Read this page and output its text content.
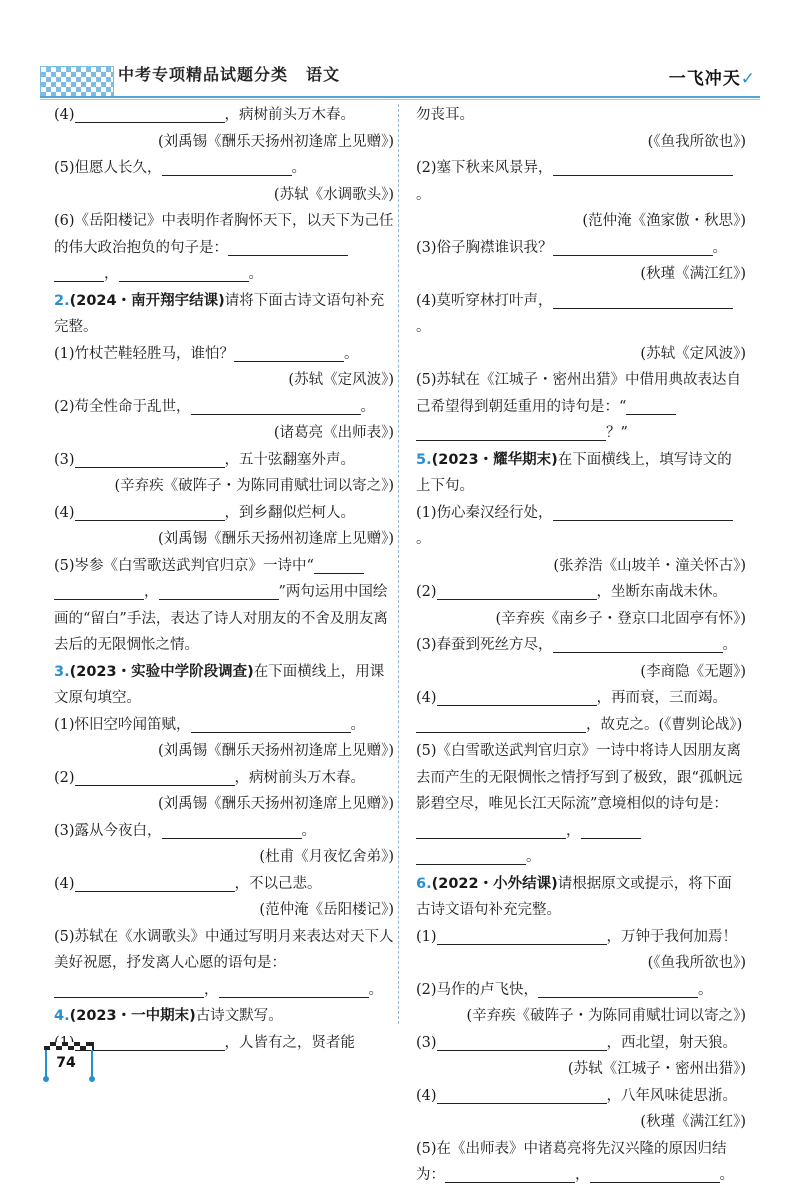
中考专项精品试题分类 语文	一飞冲天✓

(4)	，病树前头万木春。

(刘禹锡《酬乐天扬州初逢席上见赠》)

(5)但愿人长久，	。

(苏轼《水调歌头》)

(6)《岳阳楼记》中表明作者胸怀天下，以天下为己任的伟大政治抱负的句子是：

，	。

2.(2024・南开翔宇结课)请将下面古诗文语句补充完整。

(1)竹杖芒鞋轻胜马，谁怕？	。

(苏轼《定风波》)

(2)苟全性命于乱世，	。

(诸葛亮《出师表》)

(3)	，五十弦翻塞外声。

(辛弃疾《破阵子・为陈同甫赋壮词以寄之》)

(4)	，到乡翻似烂柯人。

(刘禹锡《酬乐天扬州初逢席上见赠》)

(5)岑参《白雪歌送武判官归京》一诗中“

，	”两句运用中国绘画的“留白”手法，表达了诗人对朋友的不舍及朋友离去后的无限惆怅之情。

3.(2023・实验中学阶段调查)在下面横线上，用课文原句填空。

(1)怀旧空吟闻笛赋，	。

(刘禹锡《酬乐天扬州初逢席上见赠》)

(2)	，病树前头万木春。

(刘禹锡《酬乐天扬州初逢席上见赠》)

(3)露从今夜白，	。

(杜甫《月夜忆舍弟》)

(4)	，不以己悲。

(范仲淹《岳阳楼记》)

(5)苏轼在《水调歌头》中通过写明月来表达对天下人美好祝愿，抒发离人心愿的语句是：

，	。

4.(2023・一中期末)古诗文默写。

，人皆有之，贤者能

勿丧耳。

(《鱼我所欲也》)

(2)塞下秋来风景异，。

(范仲淹《渔家傲・秋思》)

(3)俗子胸襟谁识我？	。

(秋瑾《满江红》)

(4)莫听穿林打叶声，。

(苏轼《定风波》)

(5)苏轼在《江城子・密州出猎》中借用典故表达自己希望得到朝廷重用的诗句是：“

？”

5.(2023・耀华期末)在下面横线上，填写诗文的上下句。

(1)伤心秦汉经行处，。

(张养浩《山坡羊・潼关怀古》)

(2)	，坐断东南战未休。

(辛弃疾《南乡子・登京口北固亭有怀》)

(3)春蚕到死丝方尽，	。

(李商隐《无题》)

(4)	，再而衰，三而竭。

，故克之。(《曹刿论战》)

(5)《白雪歌送武判官归京》一诗中将诗人因朋友离去而产生的无限惆怅之情抒写到了极致，跟“孤帆远影碧空尽，唯见长江天际流”意境相似的诗句是：，

。

6.(2022・小外结课)请根据原文或提示，将下面古诗文语句补充完整。

(1)	，万钟于我何加焉！

(《鱼我所欲也》)

(2)马作的卢飞快，	。

(辛弃疾《破阵子・为陈同甫赋壮词以寄之》)

(3)	，西北望，射天狼。

(苏轼《江城子・密州出猎》)

(4)	，八年风味徒思浙。

(秋瑾《满江红》)

(5)在《出师表》中诸葛亮将先汉兴隆的原因归结为：	，	。

74
